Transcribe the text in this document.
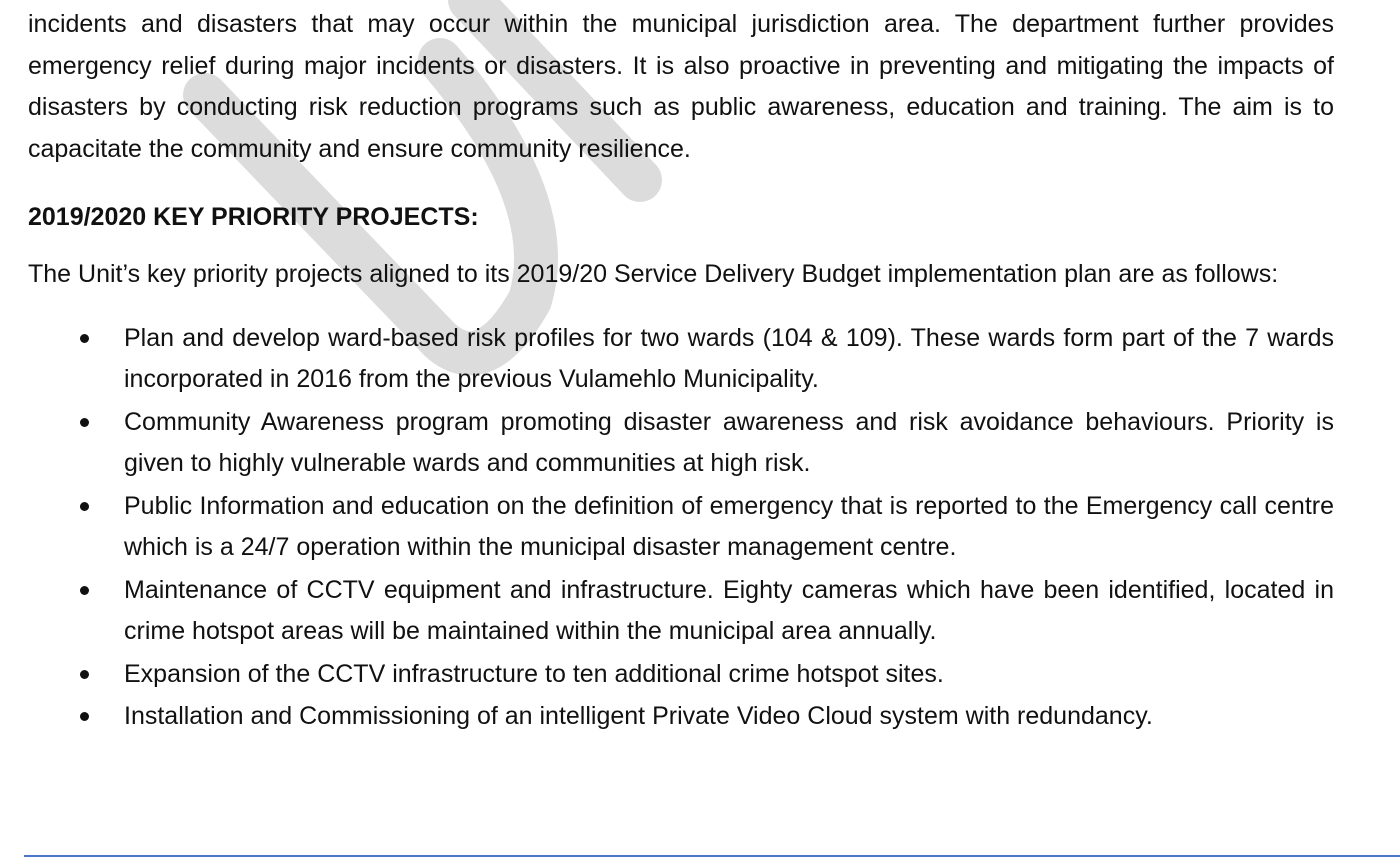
incidents and disasters that may occur within the municipal jurisdiction area. The department further provides emergency relief during major incidents or disasters. It is also proactive in preventing and mitigating the impacts of disasters by conducting risk reduction programs such as public awareness, education and training. The aim is to capacitate the community and ensure community resilience.

2019/2020 KEY PRIORITY PROJECTS:

The Unit’s key priority projects aligned to its 2019/20 Service Delivery Budget implementation plan are as follows:

Plan and develop ward-based risk profiles for two wards (104 & 109). These wards form part of the 7 wards incorporated in 2016 from the previous Vulamehlo Municipality.
Community Awareness program promoting disaster awareness and risk avoidance behaviours. Priority is given to highly vulnerable wards and communities at high risk.
Public Information and education on the definition of emergency that is reported to the Emergency call centre which is a 24/7 operation within the municipal disaster management centre.
Maintenance of CCTV equipment and infrastructure. Eighty cameras which have been identified, located in crime hotspot areas will be maintained within the municipal area annually.
Expansion of the CCTV infrastructure to ten additional crime hotspot sites.
Installation and Commissioning of an intelligent Private Video Cloud system with redundancy.
